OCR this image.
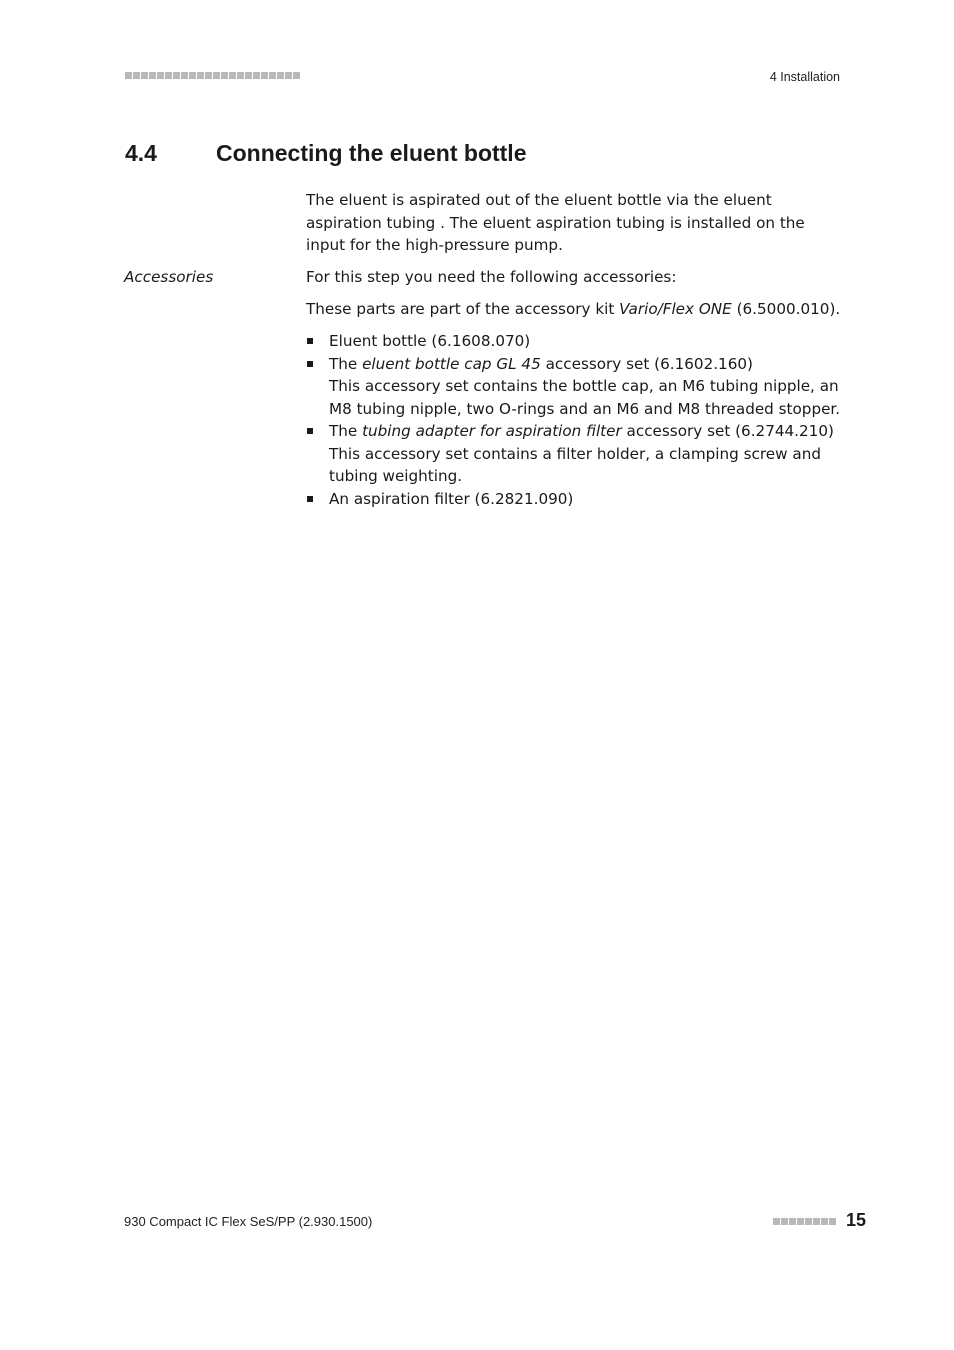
4 Installation
4.4	Connecting the eluent bottle

The eluent is aspirated out of the eluent bottle via the eluent aspiration tubing . The eluent aspiration tubing is installed on the input for the high-pressure pump.

Accessories	For this step you need the following accessories:

These parts are part of the accessory kit Vario/Flex ONE (6.5000.010).

Eluent bottle (6.1608.070)
The eluent bottle cap GL 45 accessory set (6.1602.160)
This accessory set contains the bottle cap, an M6 tubing nipple, an M8 tubing nipple, two O-rings and an M6 and M8 threaded stopper.
The tubing adapter for aspiration filter accessory set (6.2744.210)
This accessory set contains a filter holder, a clamping screw and tubing weighting.
An aspiration filter (6.2821.090)
930 Compact IC Flex SeS/PP (2.930.1500)	15
